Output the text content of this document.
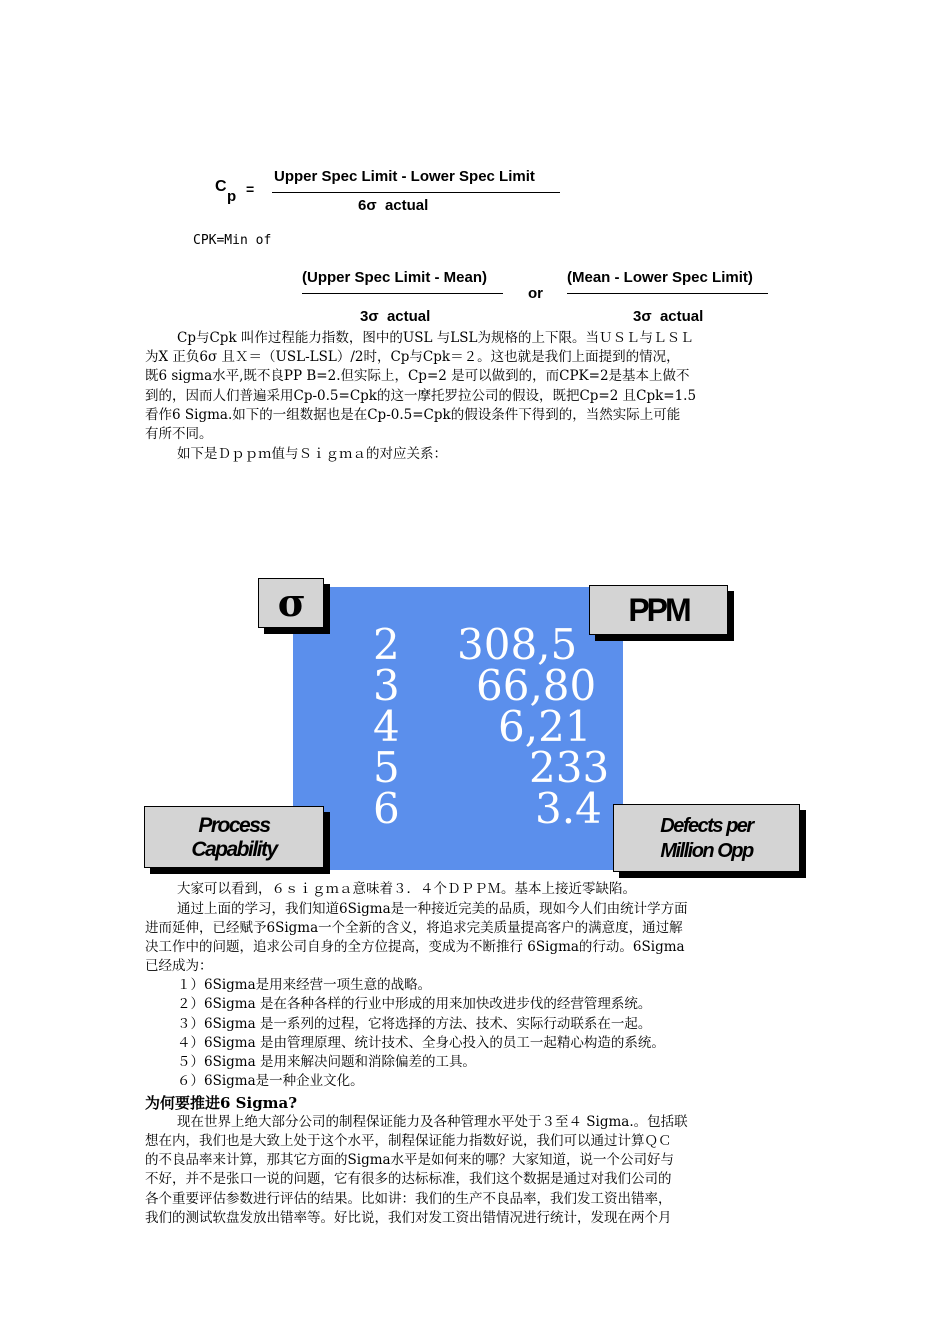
C
p =
Upper Spec Limit - Lower Spec Limit
6σ  actual
CPK=Min of
(Upper Spec Limit - Mean)
3σ  actual
or
(Mean - Lower Spec Limit)
3σ  actual
Cp与Cpk 叫作过程能力指数，图中的USL 与LSL为规格的上下限。当ＵＳＬ与ＬＳＬ
为X 正负6σ 且Ｘ＝（USL-LSL）/2时，Cp与Cpk＝２。这也就是我们上面提到的情况，
既6 sigma水平,既不良PP B=2.但实际上，Cp=2 是可以做到的，而CPK=2是基本上做不
到的，因而人们普遍采用Cp-0.5=Cpk的这一摩托罗拉公司的假设，既把Cp=2 且Cpk=1.5
看作6 Sigma.如下的一组数据也是在Cp-0.5=Cpk的假设条件下得到的，当然实际上可能
有所不同。
如下是Ｄｐｐｍ值与Ｓｉｇｍａ的对应关系：
2
3
4
5
6
308,5
66,80
6,21
233
3.4
σ	PPM
Process
Capability
Defects per
Million Opp
大家可以看到，６ｓｉｇｍａ意味着３．４个ＤＰＰＭ。基本上接近零缺陷。
通过上面的学习，我们知道6Sigma是一种接近完美的品质，现如今人们由统计学方面
进而延伸，已经赋予6Sigma一个全新的含义，将追求完美质量提高客户的满意度，通过解
决工作中的问题，追求公司自身的全方位提高，变成为不断推行 6Sigma的行动。6Sigma
已经成为：
１）6Sigma是用来经营一项生意的战略。
２）6Sigma 是在各种各样的行业中形成的用来加快改进步伐的经营管理系统。
３）6Sigma 是一系列的过程，它将选择的方法、技术、实际行动联系在一起。
４）6Sigma 是由管理原理、统计技术、全身心投入的员工一起精心构造的系统。
５）6Sigma 是用来解决问题和消除偏差的工具。
６）6Sigma是一种企业文化。
为何要推进6 Sigma?
现在世界上绝大部分公司的制程保证能力及各种管理水平处于３至４ Sigma.。包括联
想在内，我们也是大致上处于这个水平，制程保证能力指数好说，我们可以通过计算ＱＣ
的不良品率来计算，那其它方面的Sigma水平是如何来的哪？大家知道，说一个公司好与
不好，并不是张口一说的问题，它有很多的达标标准，我们这个数据是通过对我们公司的
各个重要评估参数进行评估的结果。比如讲：我们的生产不良品率，我们发工资出错率，
我们的测试软盘发放出错率等。好比说，我们对发工资出错情况进行统计，发现在两个月
